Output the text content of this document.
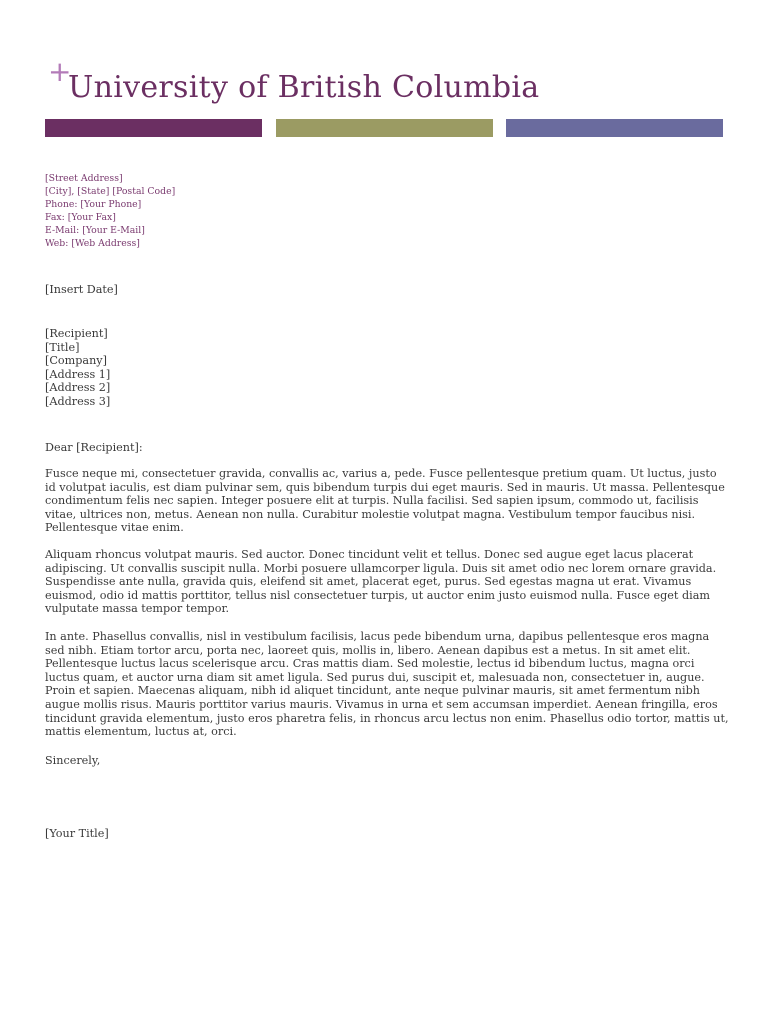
+
University of British Columbia
[Street Address]
[City], [State] [Postal Code]
Phone: [Your Phone]
Fax: [Your Fax]
E-Mail: [Your E-Mail]
Web: [Web Address]
[Insert Date]
[Recipient]
[Title]
[Company]
[Address 1]
[Address 2]
[Address 3]
Dear [Recipient]:
Fusce neque mi, consectetuer gravida, convallis ac, varius a, pede. Fusce pellentesque pretium quam. Ut luctus, justo id volutpat iaculis, est diam pulvinar sem, quis bibendum turpis dui eget mauris. Sed in mauris. Ut massa. Pellentesque condimentum felis nec sapien. Integer posuere elit at turpis. Nulla facilisi. Sed sapien ipsum, commodo ut, facilisis vitae, ultrices non, metus. Aenean non nulla. Curabitur molestie volutpat magna. Vestibulum tempor faucibus nisi. Pellentesque vitae enim.
Aliquam rhoncus volutpat mauris. Sed auctor. Donec tincidunt velit et tellus. Donec sed augue eget lacus placerat adipiscing. Ut convallis suscipit nulla. Morbi posuere ullamcorper ligula. Duis sit amet odio nec lorem ornare gravida. Suspendisse ante nulla, gravida quis, eleifend sit amet, placerat eget, purus. Sed egestas magna ut erat. Vivamus euismod, odio id mattis porttitor, tellus nisl consectetuer turpis, ut auctor enim justo euismod nulla. Fusce eget diam vulputate massa tempor tempor.
In ante. Phasellus convallis, nisl in vestibulum facilisis, lacus pede bibendum urna, dapibus pellentesque eros magna sed nibh. Etiam tortor arcu, porta nec, laoreet quis, mollis in, libero. Aenean dapibus est a metus. In sit amet elit. Pellentesque luctus lacus scelerisque arcu. Cras mattis diam. Sed molestie, lectus id bibendum luctus, magna orci luctus quam, et auctor urna diam sit amet ligula. Sed purus dui, suscipit et, malesuada non, consectetuer in, augue. Proin et sapien. Maecenas aliquam, nibh id aliquet tincidunt, ante neque pulvinar mauris, sit amet fermentum nibh augue mollis risus. Mauris porttitor varius mauris. Vivamus in urna et sem accumsan imperdiet. Aenean fringilla, eros tincidunt gravida elementum, justo eros pharetra felis, in rhoncus arcu lectus non enim. Phasellus odio tortor, mattis ut, mattis elementum, luctus at, orci.
Sincerely,
[Your Title]
